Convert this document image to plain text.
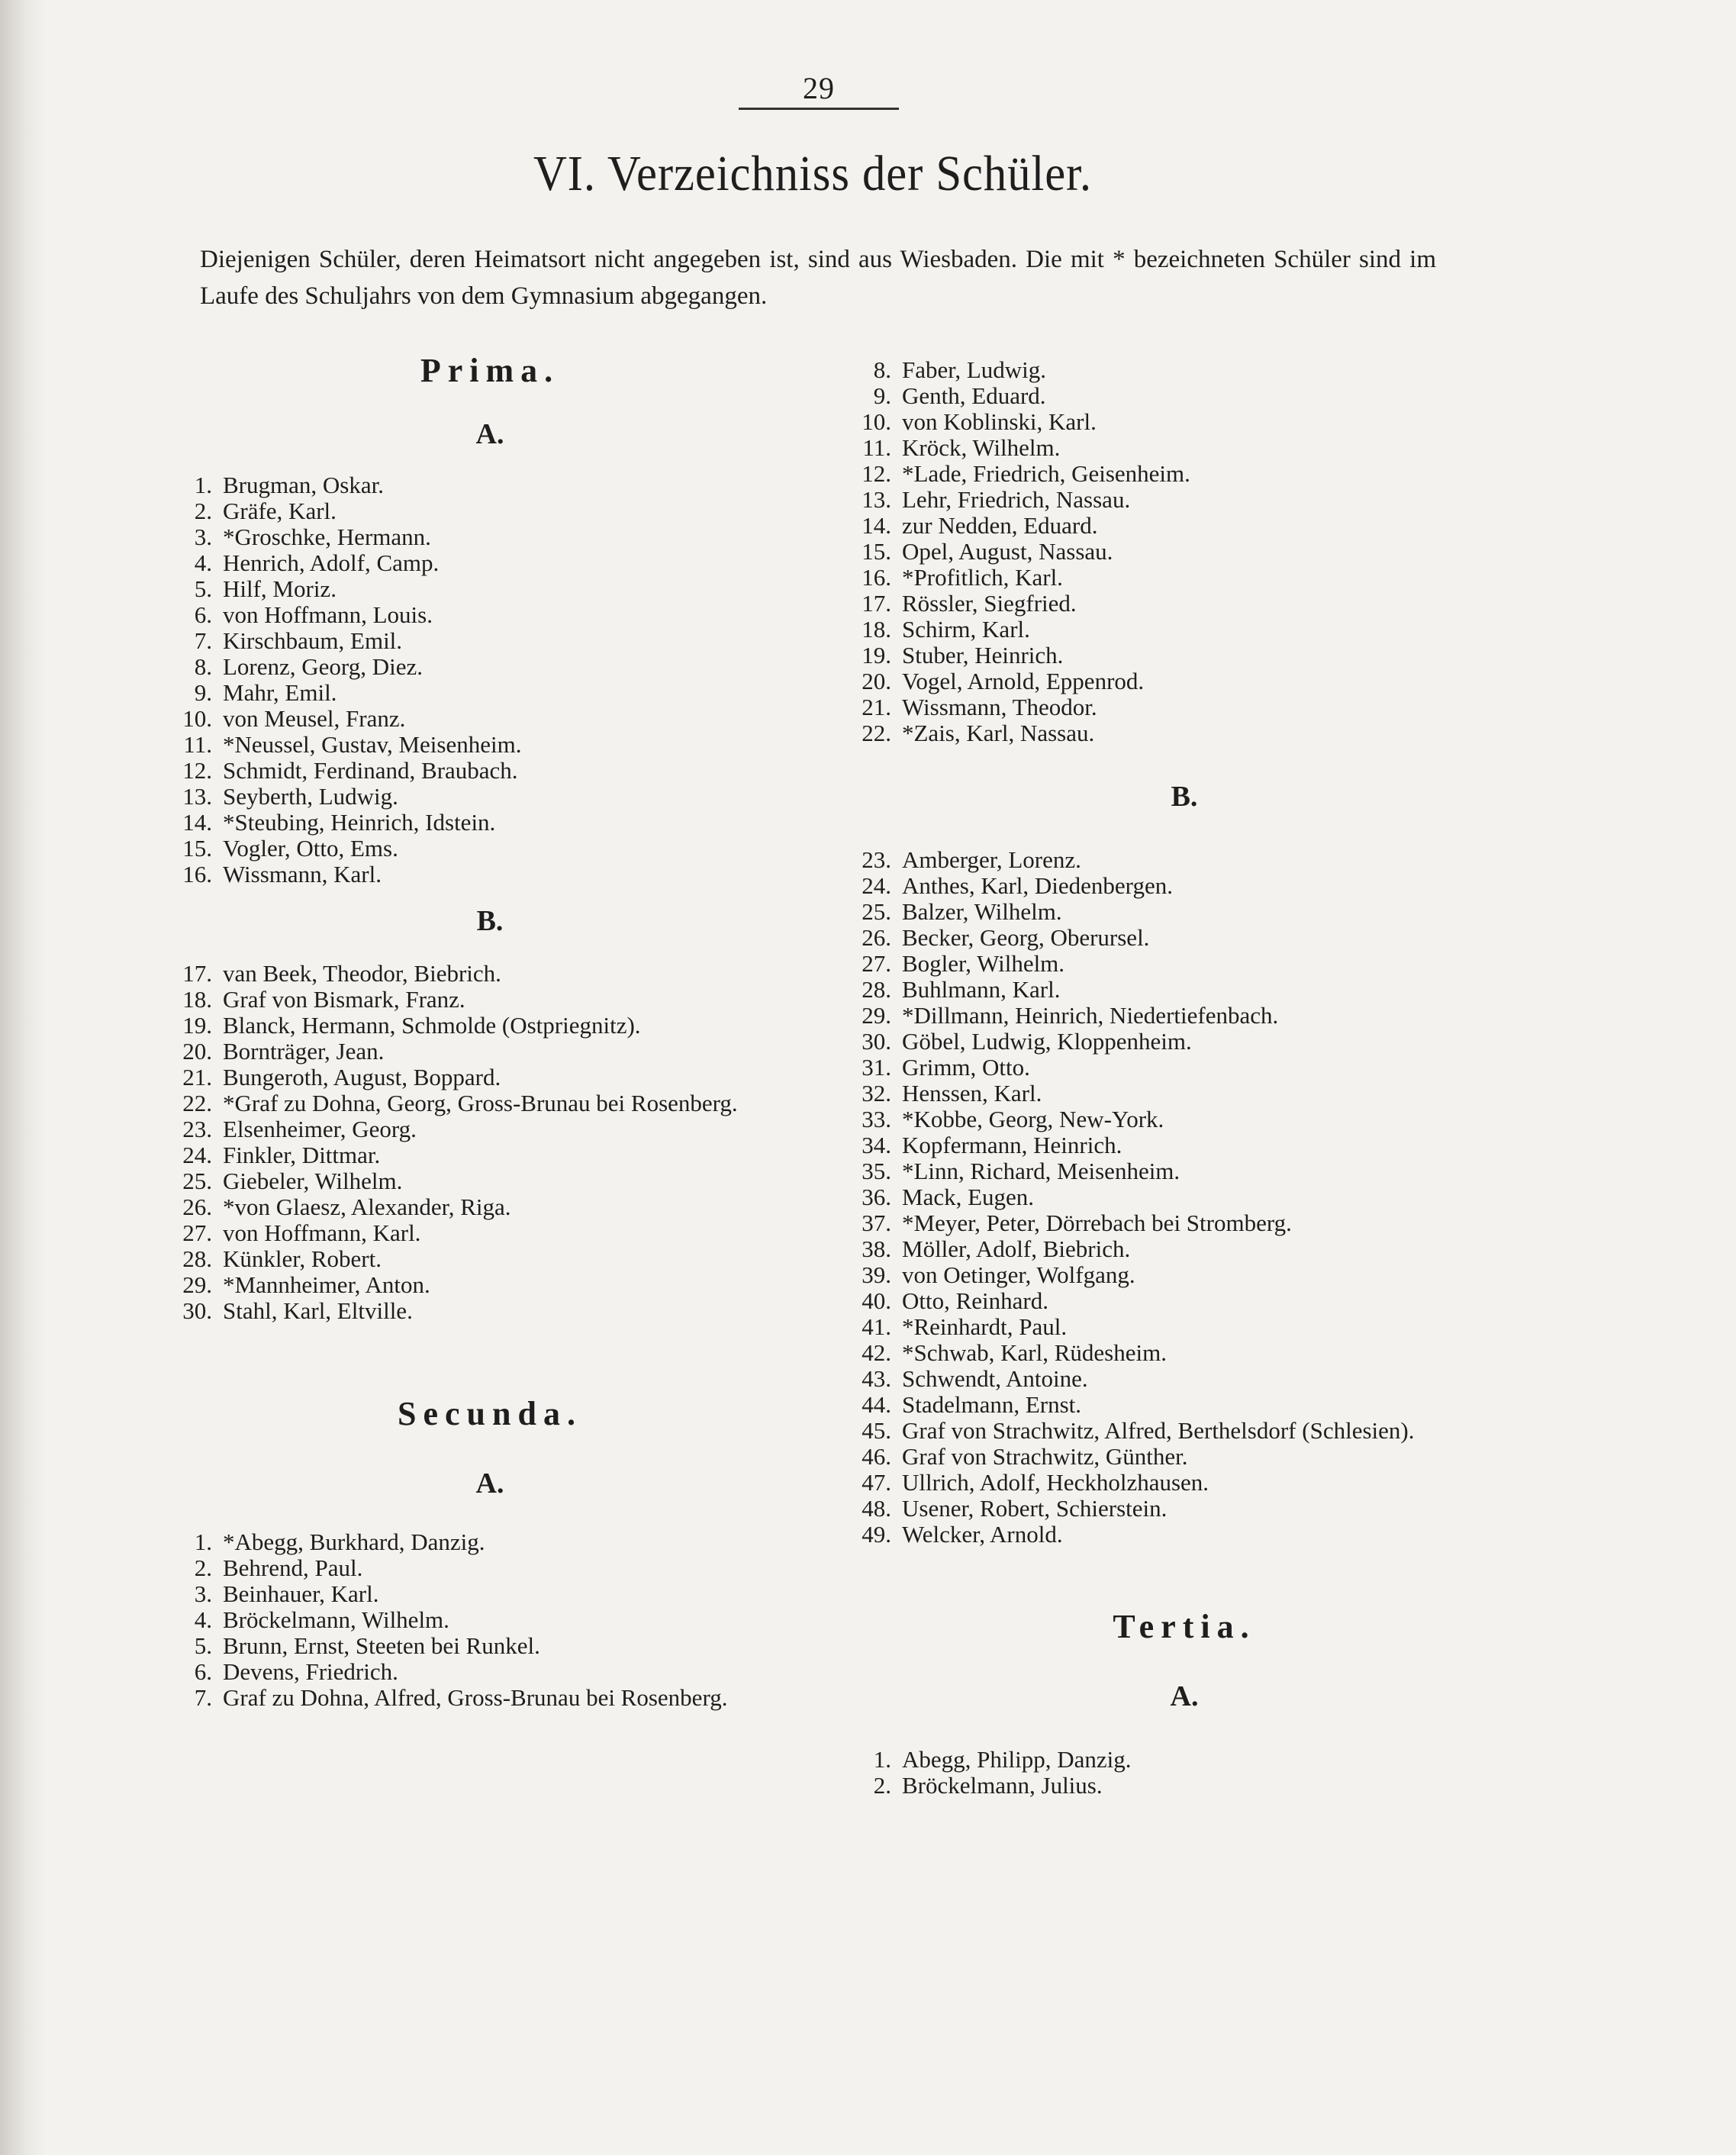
29
VI. Verzeichniss der Schüler.
Diejenigen Schüler, deren Heimatsort nicht angegeben ist, sind aus Wiesbaden. Die mit * bezeichneten Schüler sind im Laufe des Schuljahrs von dem Gymnasium abgegangen.
Prima.
A.
1. Brugman, Oskar.
2. Gräfe, Karl.
3. *Groschke, Hermann.
4. Henrich, Adolf, Camp.
5. Hilf, Moriz.
6. von Hoffmann, Louis.
7. Kirschbaum, Emil.
8. Lorenz, Georg, Diez.
9. Mahr, Emil.
10. von Meusel, Franz.
11. *Neussel, Gustav, Meisenheim.
12. Schmidt, Ferdinand, Braubach.
13. Seyberth, Ludwig.
14. *Steubing, Heinrich, Idstein.
15. Vogler, Otto, Ems.
16. Wissmann, Karl.
B.
17. van Beek, Theodor, Biebrich.
18. Graf von Bismark, Franz.
19. Blanck, Hermann, Schmolde (Ostpriegnitz).
20. Bornträger, Jean.
21. Bungeroth, August, Boppard.
22. *Graf zu Dohna, Georg, Gross-Brunau bei Rosenberg.
23. Elsenheimer, Georg.
24. Finkler, Dittmar.
25. Giebeler, Wilhelm.
26. *von Glaesz, Alexander, Riga.
27. von Hoffmann, Karl.
28. Künkler, Robert.
29. *Mannheimer, Anton.
30. Stahl, Karl, Eltville.
Secunda.
A.
1. *Abegg, Burkhard, Danzig.
2. Behrend, Paul.
3. Beinhauer, Karl.
4. Bröckelmann, Wilhelm.
5. Brunn, Ernst, Steeten bei Runkel.
6. Devens, Friedrich.
7. Graf zu Dohna, Alfred, Gross-Brunau bei Rosenberg.
8. Faber, Ludwig.
9. Genth, Eduard.
10. von Koblinski, Karl.
11. Kröck, Wilhelm.
12. *Lade, Friedrich, Geisenheim.
13. Lehr, Friedrich, Nassau.
14. zur Nedden, Eduard.
15. Opel, August, Nassau.
16. *Profitlich, Karl.
17. Rössler, Siegfried.
18. Schirm, Karl.
19. Stuber, Heinrich.
20. Vogel, Arnold, Eppenrod.
21. Wissmann, Theodor.
22. *Zais, Karl, Nassau.
B.
23. Amberger, Lorenz.
24. Anthes, Karl, Diedenbergen.
25. Balzer, Wilhelm.
26. Becker, Georg, Oberursel.
27. Bogler, Wilhelm.
28. Buhlmann, Karl.
29. *Dillmann, Heinrich, Niedertiefenbach.
30. Göbel, Ludwig, Kloppenheim.
31. Grimm, Otto.
32. Henssen, Karl.
33. *Kobbe, Georg, New-York.
34. Kopfermann, Heinrich.
35. *Linn, Richard, Meisenheim.
36. Mack, Eugen.
37. *Meyer, Peter, Dörrebach bei Stromberg.
38. Möller, Adolf, Biebrich.
39. von Oetinger, Wolfgang.
40. Otto, Reinhard.
41. *Reinhardt, Paul.
42. *Schwab, Karl, Rüdesheim.
43. Schwendt, Antoine.
44. Stadelmann, Ernst.
45. Graf von Strachwitz, Alfred, Berthelsdorf (Schlesien).
46. Graf von Strachwitz, Günther.
47. Ullrich, Adolf, Heckholzhausen.
48. Usener, Robert, Schierstein.
49. Welcker, Arnold.
Tertia.
A.
1. Abegg, Philipp, Danzig.
2. Bröckelmann, Julius.
